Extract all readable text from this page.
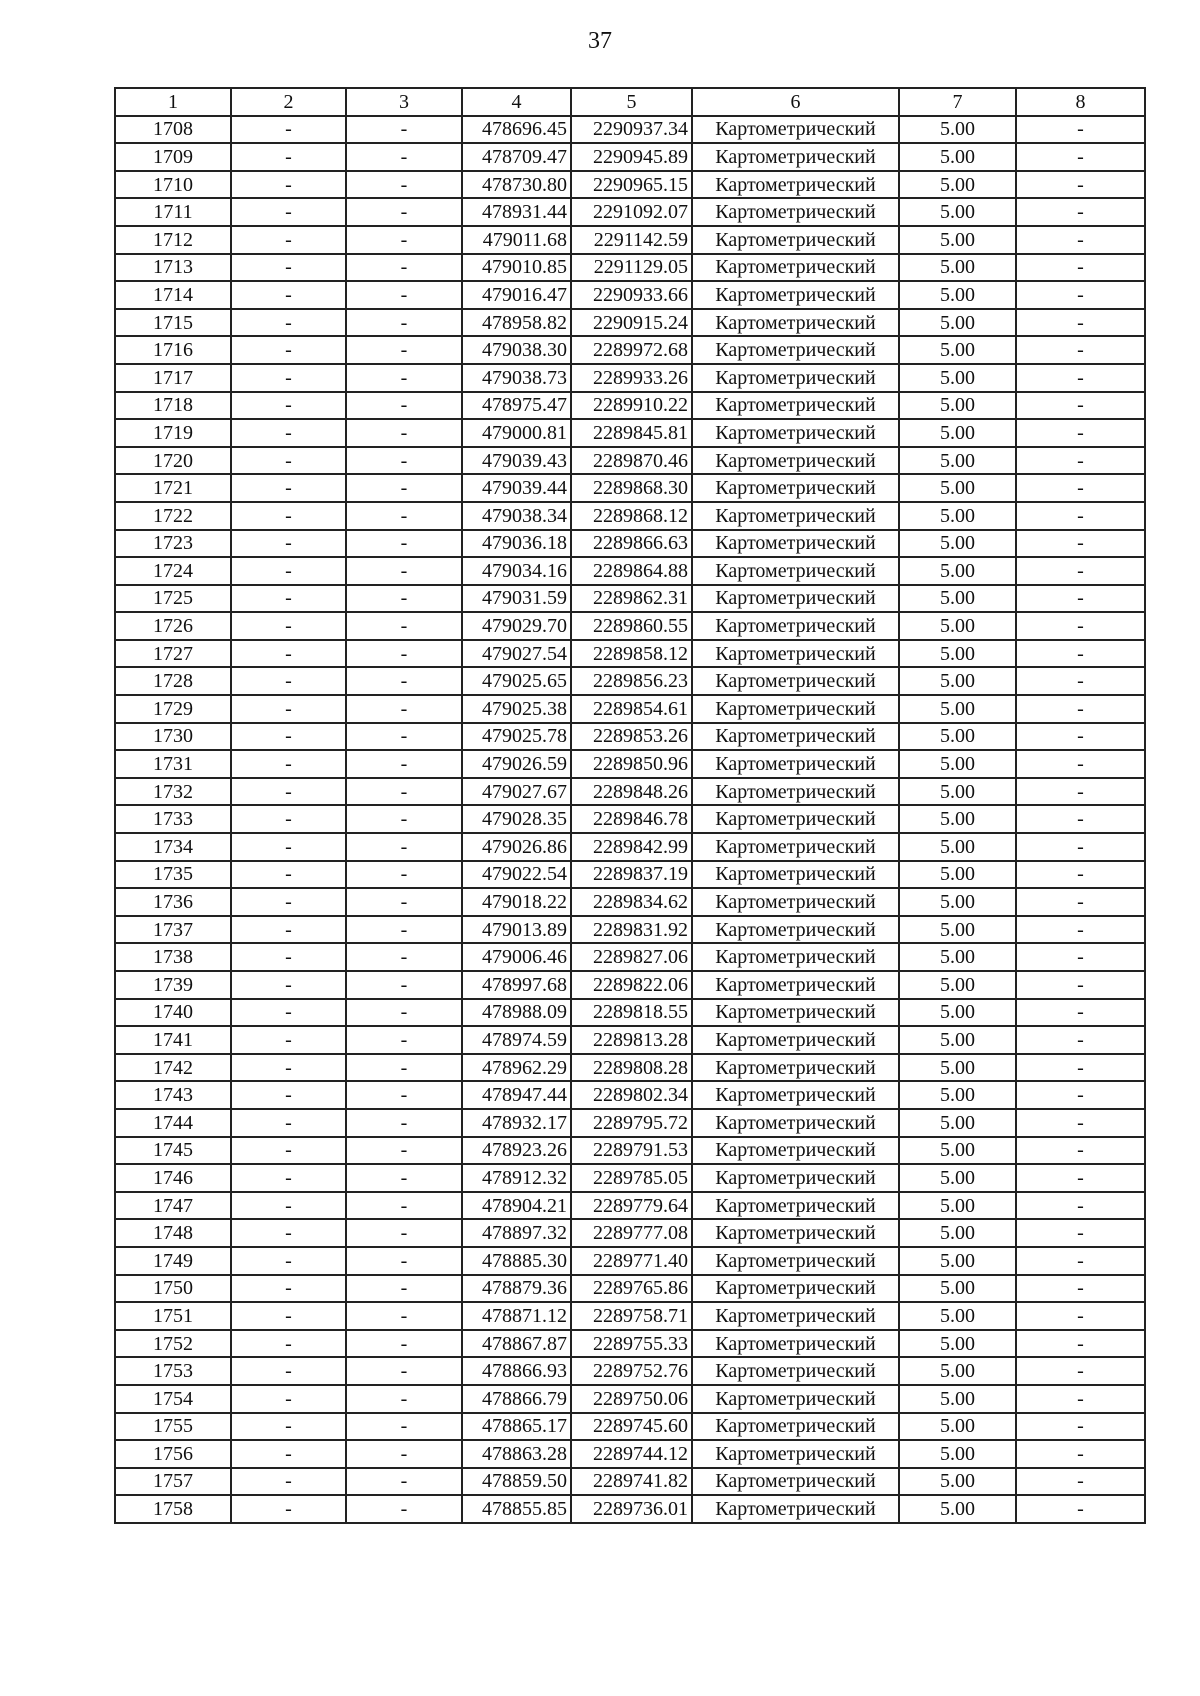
37
1	2	3	4	5	6	7	8
1708	-	-	478696.45	2290937.34	Картометрический	5.00	-
1709	-	-	478709.47	2290945.89	Картометрический	5.00	-
1710	-	-	478730.80	2290965.15	Картометрический	5.00	-
1711	-	-	478931.44	2291092.07	Картометрический	5.00	-
1712	-	-	479011.68	2291142.59	Картометрический	5.00	-
1713	-	-	479010.85	2291129.05	Картометрический	5.00	-
1714	-	-	479016.47	2290933.66	Картометрический	5.00	-
1715	-	-	478958.82	2290915.24	Картометрический	5.00	-
1716	-	-	479038.30	2289972.68	Картометрический	5.00	-
1717	-	-	479038.73	2289933.26	Картометрический	5.00	-
1718	-	-	478975.47	2289910.22	Картометрический	5.00	-
1719	-	-	479000.81	2289845.81	Картометрический	5.00	-
1720	-	-	479039.43	2289870.46	Картометрический	5.00	-
1721	-	-	479039.44	2289868.30	Картометрический	5.00	-
1722	-	-	479038.34	2289868.12	Картометрический	5.00	-
1723	-	-	479036.18	2289866.63	Картометрический	5.00	-
1724	-	-	479034.16	2289864.88	Картометрический	5.00	-
1725	-	-	479031.59	2289862.31	Картометрический	5.00	-
1726	-	-	479029.70	2289860.55	Картометрический	5.00	-
1727	-	-	479027.54	2289858.12	Картометрический	5.00	-
1728	-	-	479025.65	2289856.23	Картометрический	5.00	-
1729	-	-	479025.38	2289854.61	Картометрический	5.00	-
1730	-	-	479025.78	2289853.26	Картометрический	5.00	-
1731	-	-	479026.59	2289850.96	Картометрический	5.00	-
1732	-	-	479027.67	2289848.26	Картометрический	5.00	-
1733	-	-	479028.35	2289846.78	Картометрический	5.00	-
1734	-	-	479026.86	2289842.99	Картометрический	5.00	-
1735	-	-	479022.54	2289837.19	Картометрический	5.00	-
1736	-	-	479018.22	2289834.62	Картометрический	5.00	-
1737	-	-	479013.89	2289831.92	Картометрический	5.00	-
1738	-	-	479006.46	2289827.06	Картометрический	5.00	-
1739	-	-	478997.68	2289822.06	Картометрический	5.00	-
1740	-	-	478988.09	2289818.55	Картометрический	5.00	-
1741	-	-	478974.59	2289813.28	Картометрический	5.00	-
1742	-	-	478962.29	2289808.28	Картометрический	5.00	-
1743	-	-	478947.44	2289802.34	Картометрический	5.00	-
1744	-	-	478932.17	2289795.72	Картометрический	5.00	-
1745	-	-	478923.26	2289791.53	Картометрический	5.00	-
1746	-	-	478912.32	2289785.05	Картометрический	5.00	-
1747	-	-	478904.21	2289779.64	Картометрический	5.00	-
1748	-	-	478897.32	2289777.08	Картометрический	5.00	-
1749	-	-	478885.30	2289771.40	Картометрический	5.00	-
1750	-	-	478879.36	2289765.86	Картометрический	5.00	-
1751	-	-	478871.12	2289758.71	Картометрический	5.00	-
1752	-	-	478867.87	2289755.33	Картометрический	5.00	-
1753	-	-	478866.93	2289752.76	Картометрический	5.00	-
1754	-	-	478866.79	2289750.06	Картометрический	5.00	-
1755	-	-	478865.17	2289745.60	Картометрический	5.00	-
1756	-	-	478863.28	2289744.12	Картометрический	5.00	-
1757	-	-	478859.50	2289741.82	Картометрический	5.00	-
1758	-	-	478855.85	2289736.01	Картометрический	5.00	-
